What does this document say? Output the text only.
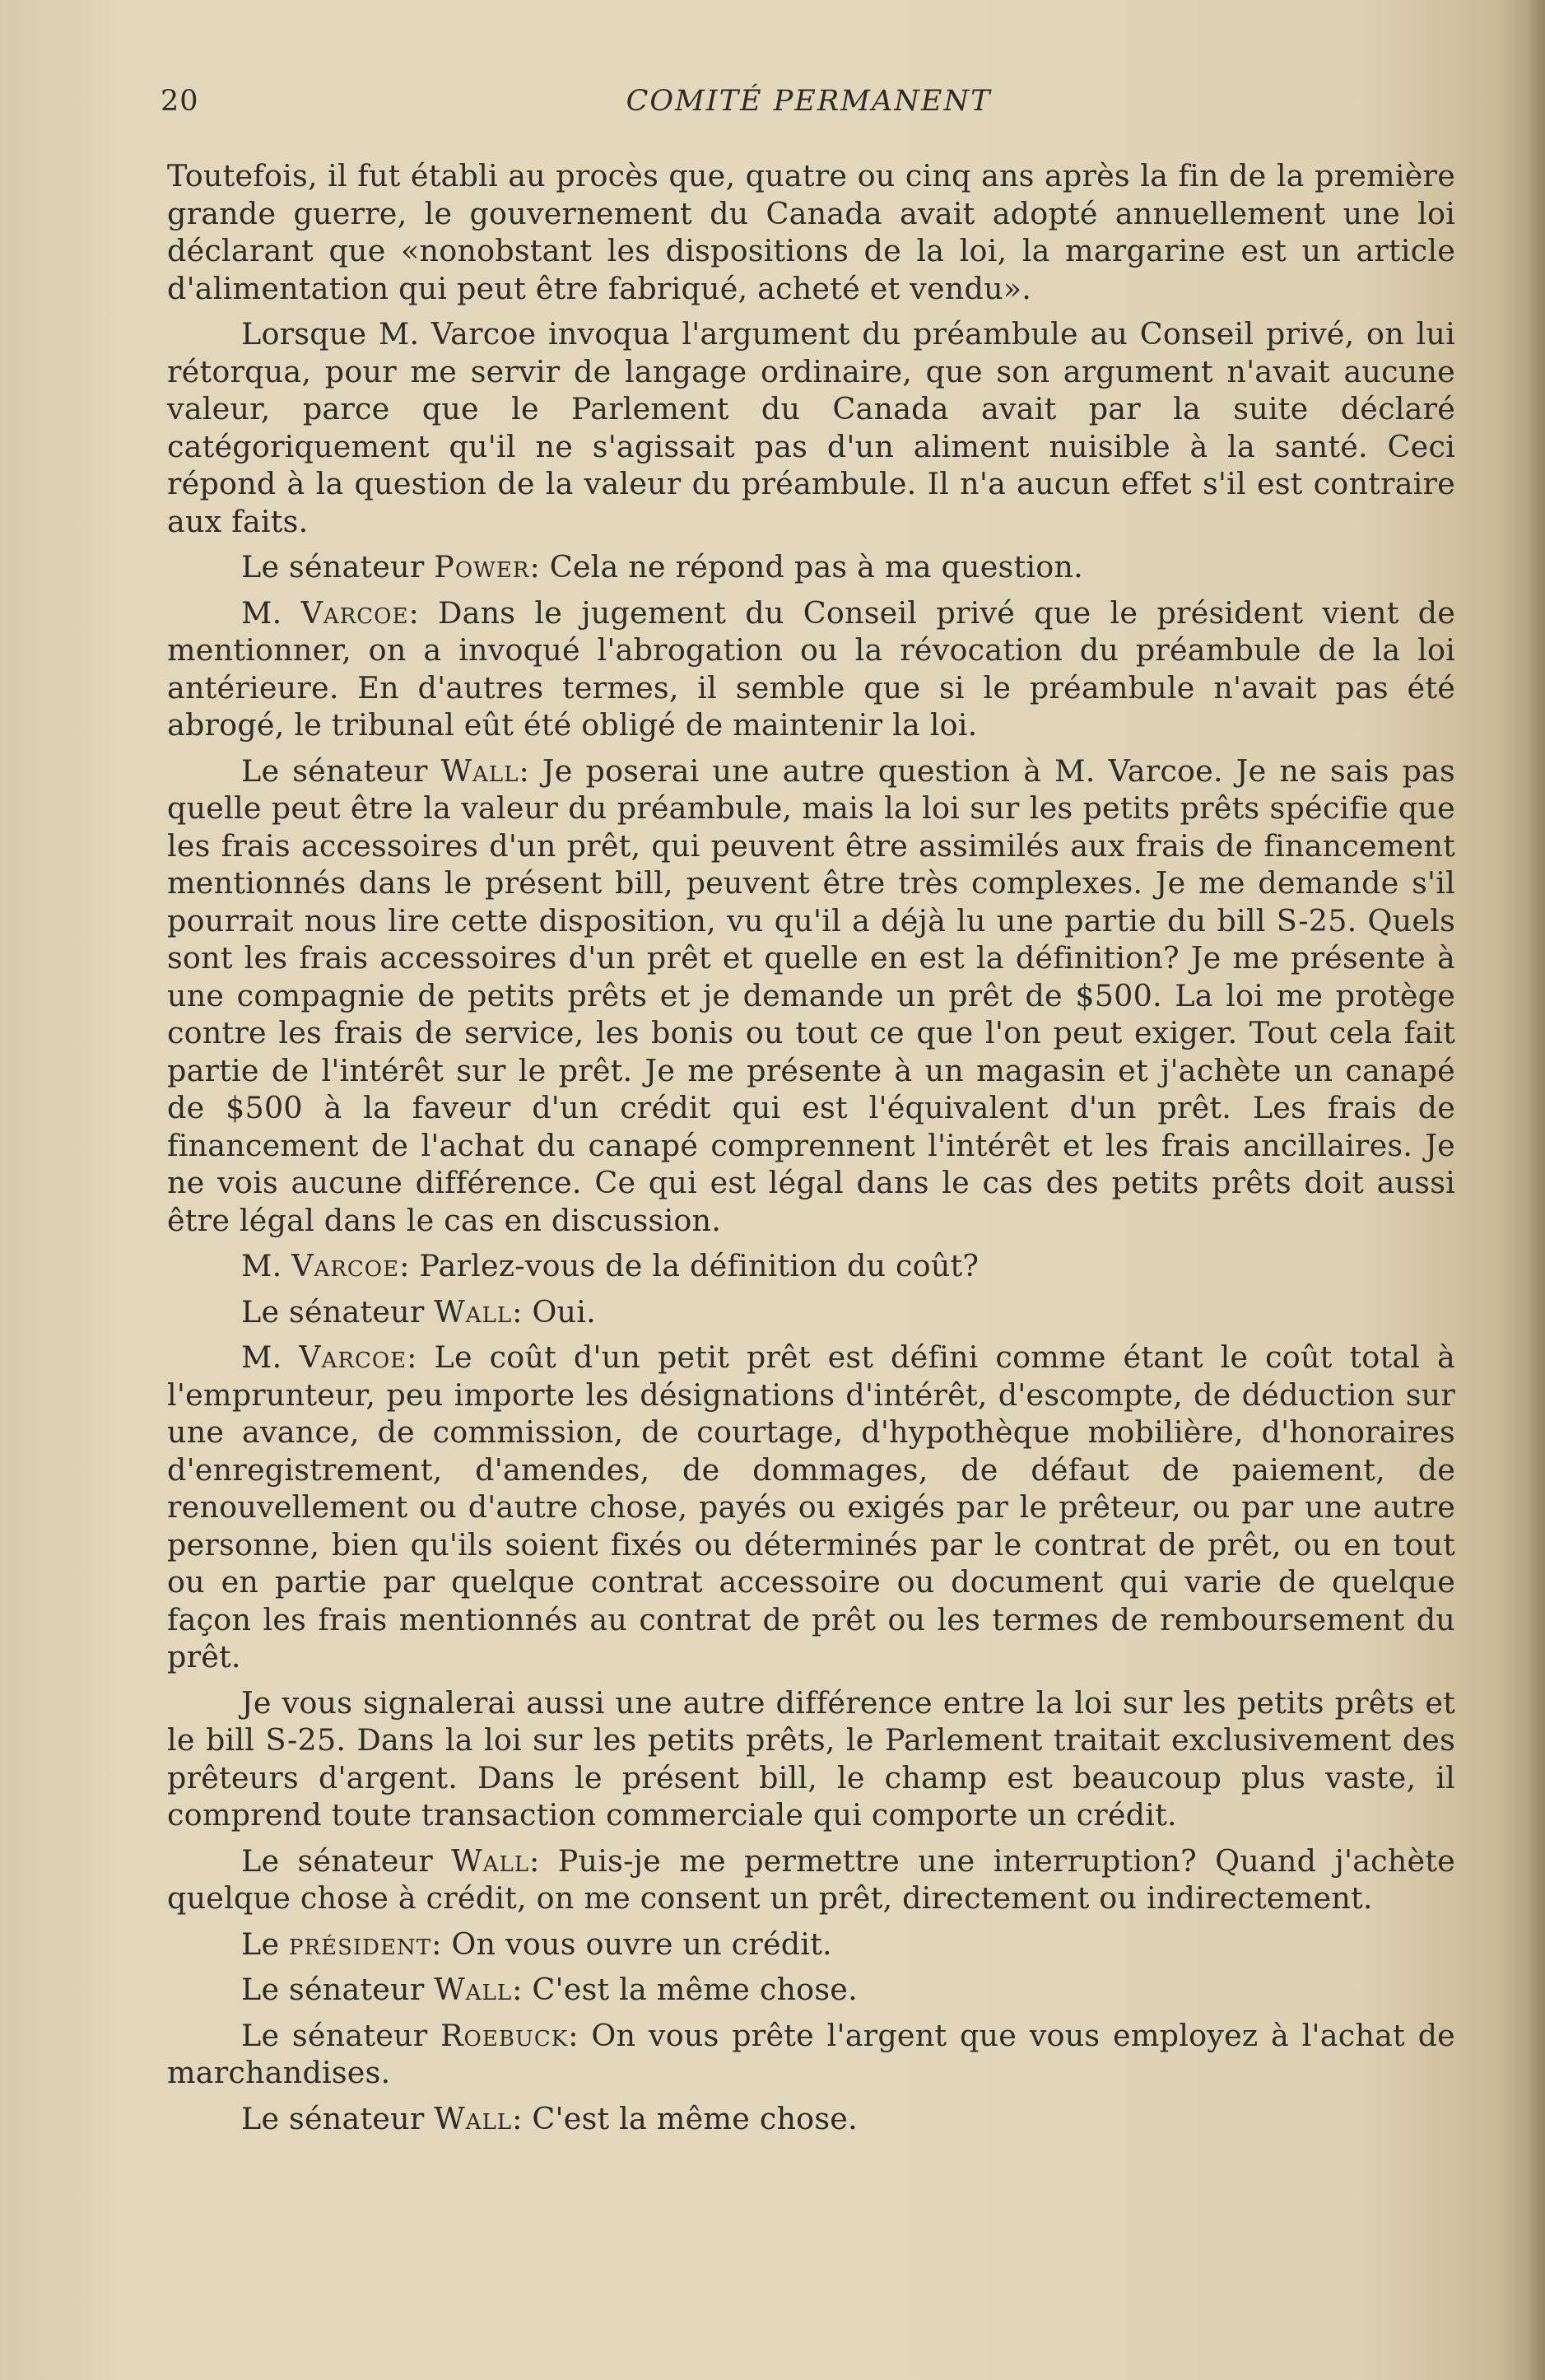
20	COMITÉ PERMANENT

Toutefois, il fut établi au procès que, quatre ou cinq ans après la fin de la première grande guerre, le gouvernement du Canada avait adopté annuellement une loi déclarant que «nonobstant les dispositions de la loi, la margarine est un article d'alimentation qui peut être fabriqué, acheté et vendu».

Lorsque M. Varcoe invoqua l'argument du préambule au Conseil privé, on lui rétorqua, pour me servir de langage ordinaire, que son argument n'avait aucune valeur, parce que le Parlement du Canada avait par la suite déclaré catégoriquement qu'il ne s'agissait pas d'un aliment nuisible à la santé. Ceci répond à la question de la valeur du préambule. Il n'a aucun effet s'il est contraire aux faits.

Le sénateur Power: Cela ne répond pas à ma question.

M. Varcoe: Dans le jugement du Conseil privé que le président vient de mentionner, on a invoqué l'abrogation ou la révocation du préambule de la loi antérieure. En d'autres termes, il semble que si le préambule n'avait pas été abrogé, le tribunal eût été obligé de maintenir la loi.

Le sénateur Wall: Je poserai une autre question à M. Varcoe. Je ne sais pas quelle peut être la valeur du préambule, mais la loi sur les petits prêts spécifie que les frais accessoires d'un prêt, qui peuvent être assimilés aux frais de financement mentionnés dans le présent bill, peuvent être très complexes. Je me demande s'il pourrait nous lire cette disposition, vu qu'il a déjà lu une partie du bill S-25. Quels sont les frais accessoires d'un prêt et quelle en est la définition? Je me présente à une compagnie de petits prêts et je demande un prêt de $500. La loi me protège contre les frais de service, les bonis ou tout ce que l'on peut exiger. Tout cela fait partie de l'intérêt sur le prêt. Je me présente à un magasin et j'achète un canapé de $500 à la faveur d'un crédit qui est l'équivalent d'un prêt. Les frais de financement de l'achat du canapé comprennent l'intérêt et les frais ancillaires. Je ne vois aucune différence. Ce qui est légal dans le cas des petits prêts doit aussi être légal dans le cas en discussion.

M. Varcoe: Parlez-vous de la définition du coût?

Le sénateur Wall: Oui.

M. Varcoe: Le coût d'un petit prêt est défini comme étant le coût total à l'emprunteur, peu importe les désignations d'intérêt, d'escompte, de déduction sur une avance, de commission, de courtage, d'hypothèque mobilière, d'honoraires d'enregistrement, d'amendes, de dommages, de défaut de paiement, de renouvellement ou d'autre chose, payés ou exigés par le prêteur, ou par une autre personne, bien qu'ils soient fixés ou déterminés par le contrat de prêt, ou en tout ou en partie par quelque contrat accessoire ou document qui varie de quelque façon les frais mentionnés au contrat de prêt ou les termes de remboursement du prêt.

Je vous signalerai aussi une autre différence entre la loi sur les petits prêts et le bill S-25. Dans la loi sur les petits prêts, le Parlement traitait exclusivement des prêteurs d'argent. Dans le présent bill, le champ est beaucoup plus vaste, il comprend toute transaction commerciale qui comporte un crédit.

Le sénateur Wall: Puis-je me permettre une interruption? Quand j'achète quelque chose à crédit, on me consent un prêt, directement ou indirectement.

Le président: On vous ouvre un crédit.

Le sénateur Wall: C'est la même chose.

Le sénateur Roebuck: On vous prête l'argent que vous employez à l'achat de marchandises.

Le sénateur Wall: C'est la même chose.
